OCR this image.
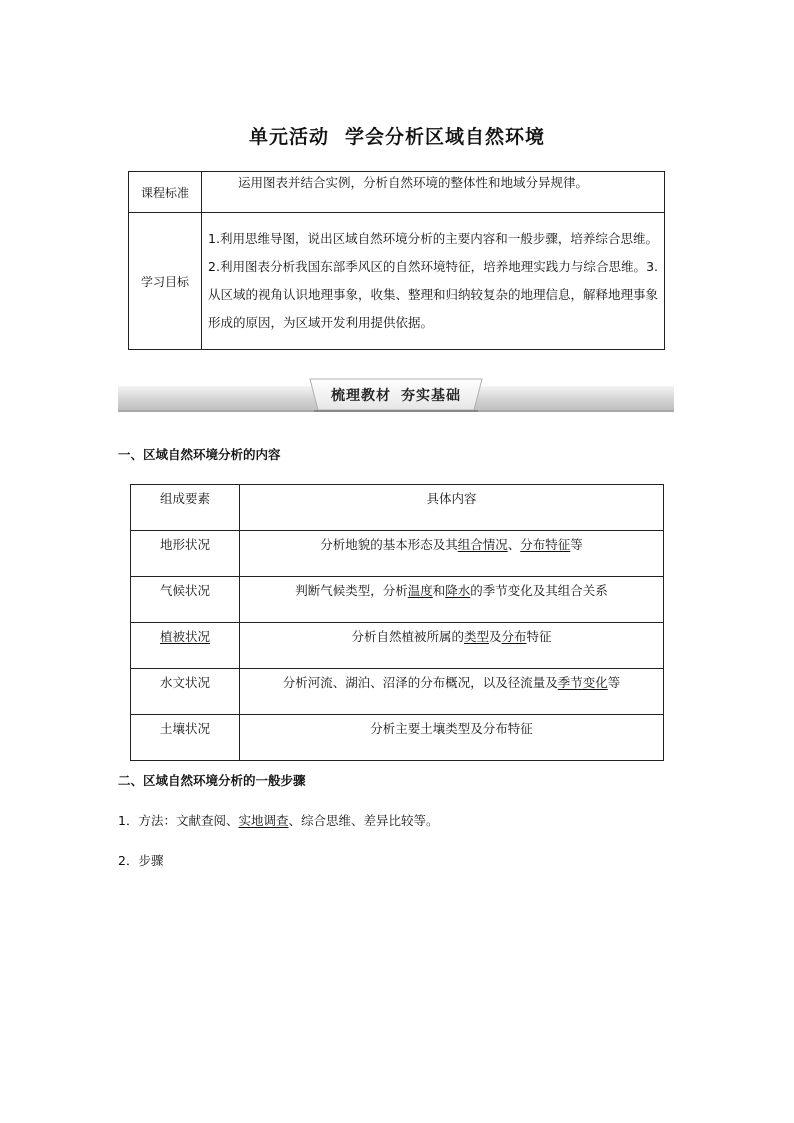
单元活动 学会分析区域自然环境
课程标准	运用图表并结合实例，分析自然环境的整体性和地域分异规律。
学习目标	1.利用思维导图，说出区域自然环境分析的主要内容和一般步骤，培养综合思维。2.利用图表分析我国东部季风区的自然环境特征，培养地理实践力与综合思维。3.从区域的视角认识地理事象，收集、整理和归纳较复杂的地理信息，解释地理事象形成的原因，为区域开发利用提供依据。
梳理教材 夯实基础
一、区域自然环境分析的内容
组成要素	具体内容
地形状况	分析地貌的基本形态及其组合情况、分布特征等
气候状况	判断气候类型，分析温度和降水的季节变化及其组合关系
植被状况	分析自然植被所属的类型及分布特征
水文状况	分析河流、湖泊、沼泽的分布概况，以及径流量及季节变化等
土壤状况	分析主要土壤类型及分布特征
二、区域自然环境分析的一般步骤
1．方法：文献查阅、实地调查、综合思维、差异比较等。
2．步骤
